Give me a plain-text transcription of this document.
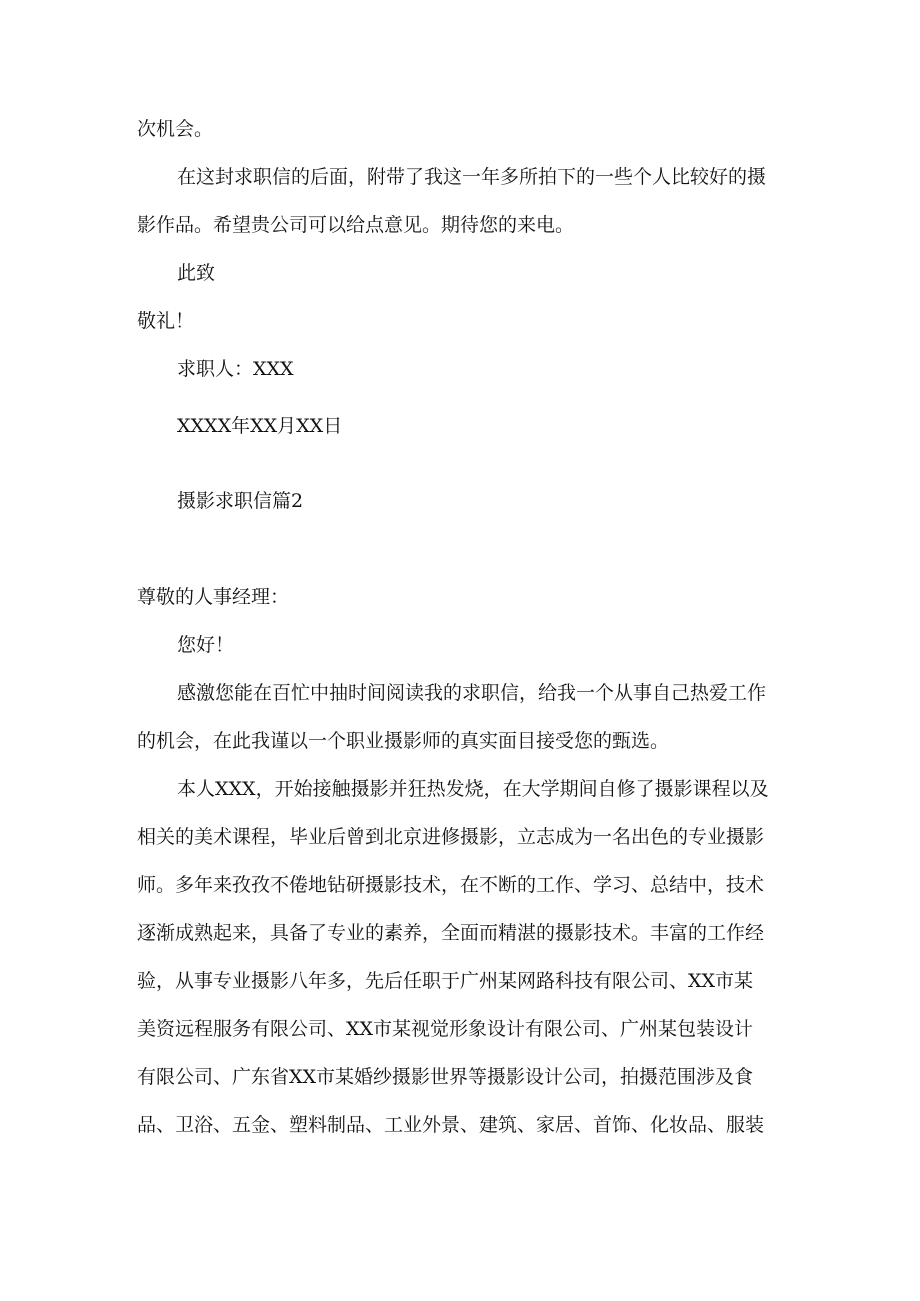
次机会。

在这封求职信的后面，附带了我这一年多所拍下的一些个人比较好的摄

影作品。希望贵公司可以给点意见。期待您的来电。

此致

敬礼！

求职人：XXX

XXXX年XX月XX日

摄影求职信篇2

尊敬的人事经理：

您好！

感激您能在百忙中抽时间阅读我的求职信，给我一个从事自己热爱工作

的机会，在此我谨以一个职业摄影师的真实面目接受您的甄选。

本人XXX，开始接触摄影并狂热发烧，在大学期间自修了摄影课程以及

相关的美术课程，毕业后曾到北京进修摄影，立志成为一名出色的专业摄影

师。多年来孜孜不倦地钻研摄影技术，在不断的工作、学习、总结中，技术

逐渐成熟起来，具备了专业的素养，全面而精湛的摄影技术。丰富的工作经

验，从事专业摄影八年多，先后任职于广州某网路科技有限公司、XX市某

美资远程服务有限公司、XX市某视觉形象设计有限公司、广州某包装设计

有限公司、广东省XX市某婚纱摄影世界等摄影设计公司，拍摄范围涉及食

品、卫浴、五金、塑料制品、工业外景、建筑、家居、首饰、化妆品、服装
